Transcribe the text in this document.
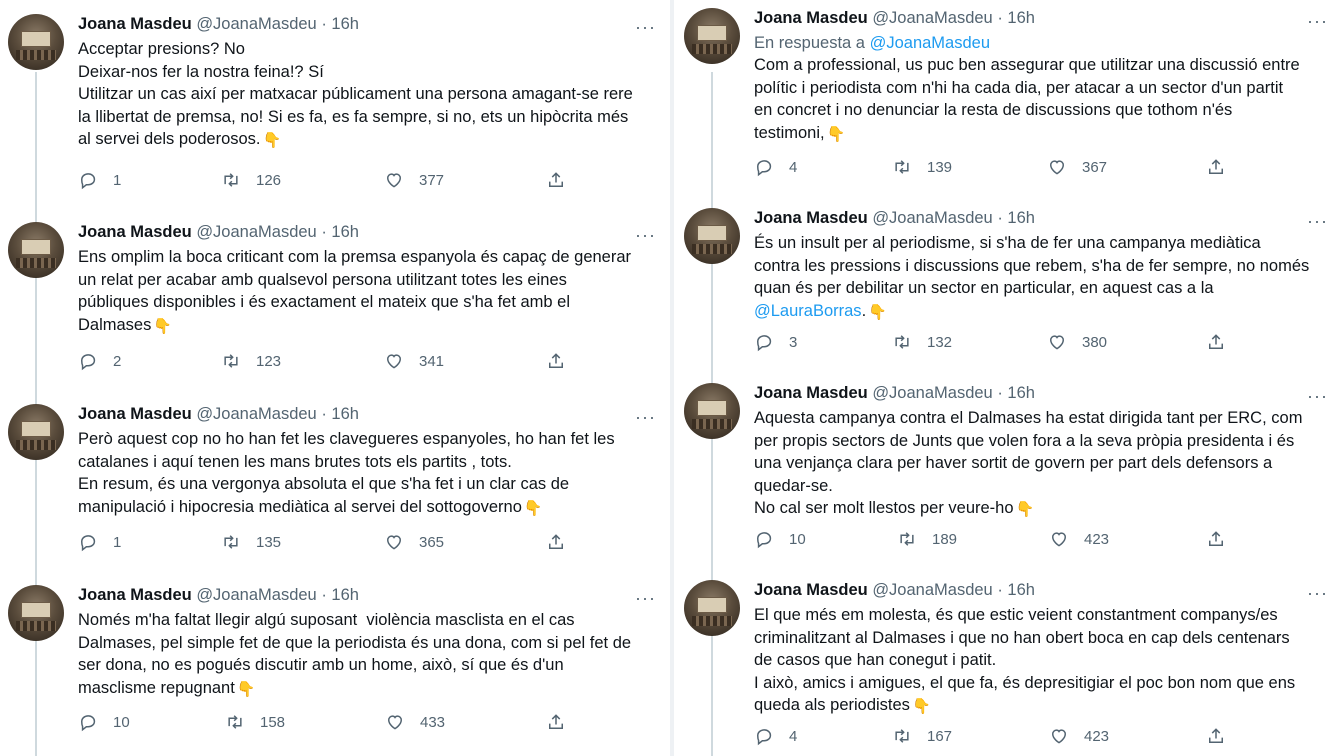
Joana Masdeu @JoanaMasdeu · 16h	···
Acceptar presions? No
Deixar-nos fer la nostra feina!? Sí
Utilitzar un cas així per matxacar públicament una persona amagant-se rere
la llibertat de premsa, no! Si es fa, es fa sempre, si no, ets un hipòcrita més
al servei dels poderosos. 👇
1	126	377
Joana Masdeu @JoanaMasdeu · 16h	···
Ens omplim la boca criticant com la premsa espanyola és capaç de generar
un relat per acabar amb qualsevol persona utilitzant totes les eines
públiques disponibles i és exactament el mateix que s'ha fet amb el
Dalmases 👇
2	123	341
Joana Masdeu @JoanaMasdeu · 16h	···
Però aquest cop no ho han fet les clavegueres espanyoles, ho han fet les
catalanes i aquí tenen les mans brutes tots els partits , tots.
En resum, és una vergonya absoluta el que s'ha fet i un clar cas de
manipulació i hipocresia mediàtica al servei del sottogoverno 👇
1	135	365
Joana Masdeu @JoanaMasdeu · 16h	···
Només m'ha faltat llegir algú suposant  violència masclista en el cas
Dalmases, pel simple fet de que la periodista és una dona, com si pel fet de
ser dona, no es pogués discutir amb un home, això, sí que és d'un
masclisme repugnant 👇
10	158	433
Joana Masdeu @JoanaMasdeu · 16h	···
En respuesta a @JoanaMasdeu
Com a professional, us puc ben assegurar que utilitzar una discussió entre
polític i periodista com n'hi ha cada dia, per atacar a un sector d'un partit
en concret i no denunciar la resta de discussions que tothom n'és
testimoni, 👇
4	139	367
Joana Masdeu @JoanaMasdeu · 16h	···
És un insult per al periodisme, si s'ha de fer una campanya mediàtica
contra les pressions i discussions que rebem, s'ha de fer sempre, no només
quan és per debilitar un sector en particular, en aquest cas a la
@LauraBorras. 👇
3	132	380
Joana Masdeu @JoanaMasdeu · 16h	···
Aquesta campanya contra el Dalmases ha estat dirigida tant per ERC, com
per propis sectors de Junts que volen fora a la seva pròpia presidenta i és
una venjança clara per haver sortit de govern per part dels defensors a
quedar-se.
No cal ser molt llestos per veure-ho 👇
10	189	423
Joana Masdeu @JoanaMasdeu · 16h	···
El que més em molesta, és que estic veient constantment companys/es
criminalitzant al Dalmases i que no han obert boca en cap dels centenars
de casos que han conegut i patit.
I això, amics i amigues, el que fa, és depresitigiar el poc bon nom que ens
queda als periodistes 👇
4	167	423
